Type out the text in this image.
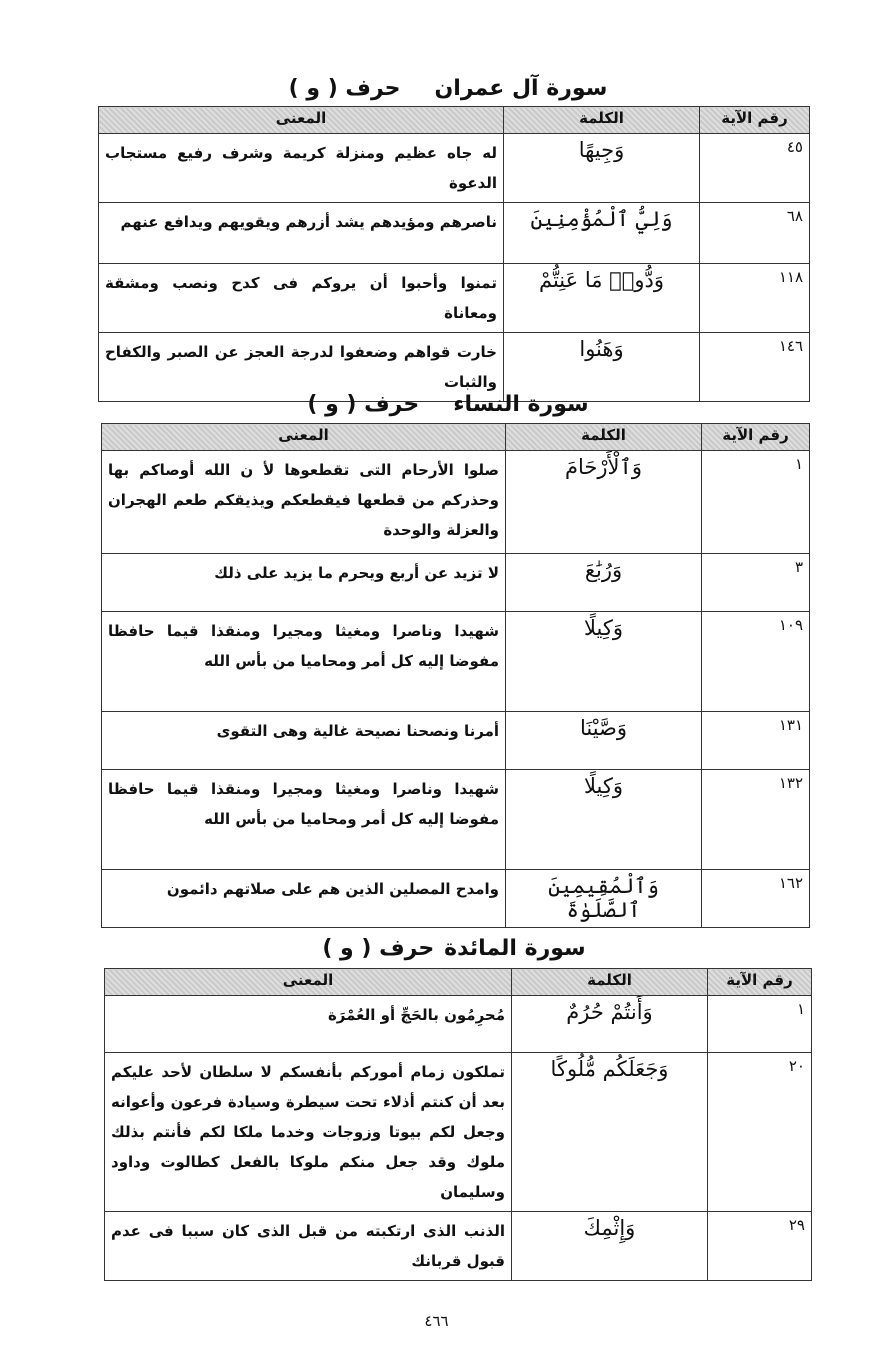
سورة آل عمرانحرف ( و )
رقم الآية	الكلمة	المعنى
٤٥	وَجِيهًا	له جاه عظيم ومنزلة كريمة وشرف رفيع مستجاب الدعوة
٦٨	وَلِيُّ ٱلْمُؤْمِنِينَ	ناصرهم ومؤيدهم يشد أزرهم ويقويهم ويدافع عنهم
١١٨	وَدُّوا۟ مَا عَنِتُّمْ	تمنوا وأحبوا أن يروكم فى كدح ونصب ومشقة ومعاناة
١٤٦	وَهَنُوا	خارت قواهم وضعفوا لدرجة العجز عن الصبر والكفاح والثبات
سورة النساءحرف ( و )
رقم الآية	الكلمة	المعنى
١	وَٱلْأَرْحَامَ	صلوا الأرحام التى تقطعوها لأ ن الله أوصاكم بها وحذركم من قطعها فيقطعكم ويذيقكم طعم الهجران والعزلة والوحدة
٣	وَرُبَٰعَ	لا تزيد عن أربع ويحرم ما يزيد على ذلك
١٠٩	وَكِيلًا	شهيدا وناصرا ومغيثا ومجيرا ومنقذا قيما حافظا مفوضا إليه كل أمر ومحاميا من بأس الله
١٣١	وَصَّيْنَا	أمرنا ونصحنا نصيحة غالية وهى التقوى
١٣٢	وَكِيلًا	شهيدا وناصرا ومغيثا ومجيرا ومنقذا قيما حافظا مفوضا إليه كل أمر ومحاميا من بأس الله
١٦٢	وَٱلْمُقِيمِينَ ٱلصَّلَوٰةَ	وامدح المصلين الذين هم على صلاتهم دائمون
سورة المائدةحرف ( و )
رقم الآية	الكلمة	المعنى
١	وَأَنتُمْ حُرُمٌ	مُحرِمُون بالحَجِّ أو العُمْرَة
٢٠	وَجَعَلَكُم مُّلُوكًا	تملكون زمام أموركم بأنفسكم لا سلطان لأحد عليكم بعد أن كنتم أذلاء تحت سيطرة وسيادة فرعون وأعوانه وجعل لكم بيوتا وزوجات وخدما ملكا لكم فأنتم بذلك ملوك وقد جعل منكم ملوكا بالفعل كطالوت وداود وسليمان
٢٩	وَإِثْمِكَ	الذنب الذى ارتكبته من قبل الذى كان سببا فى عدم قبول قربانك
٤٦٦
